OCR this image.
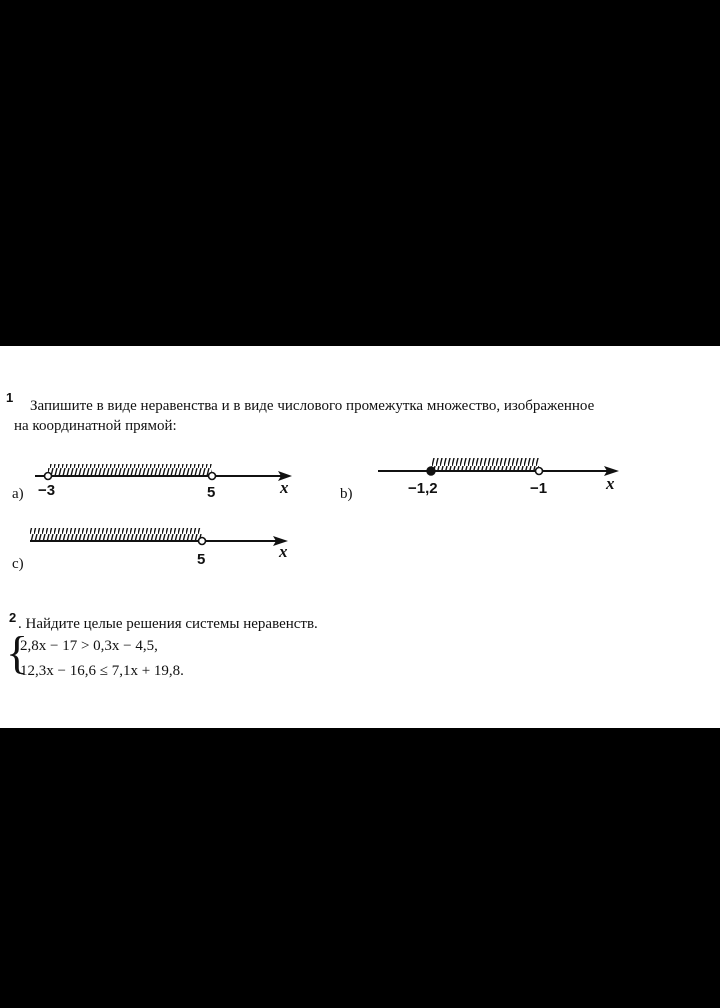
1
Запишите в виде неравенства и в виде числового промежутка множество, изображенное
на координатной прямой:
a) −3	5	x	b)	−1,2	−1	x
c)	5	x
2 . Найдите целые решения системы неравенств.
{
2,8x − 17 > 0,3x − 4,5,
12,3x − 16,6 ≤ 7,1x + 19,8.
